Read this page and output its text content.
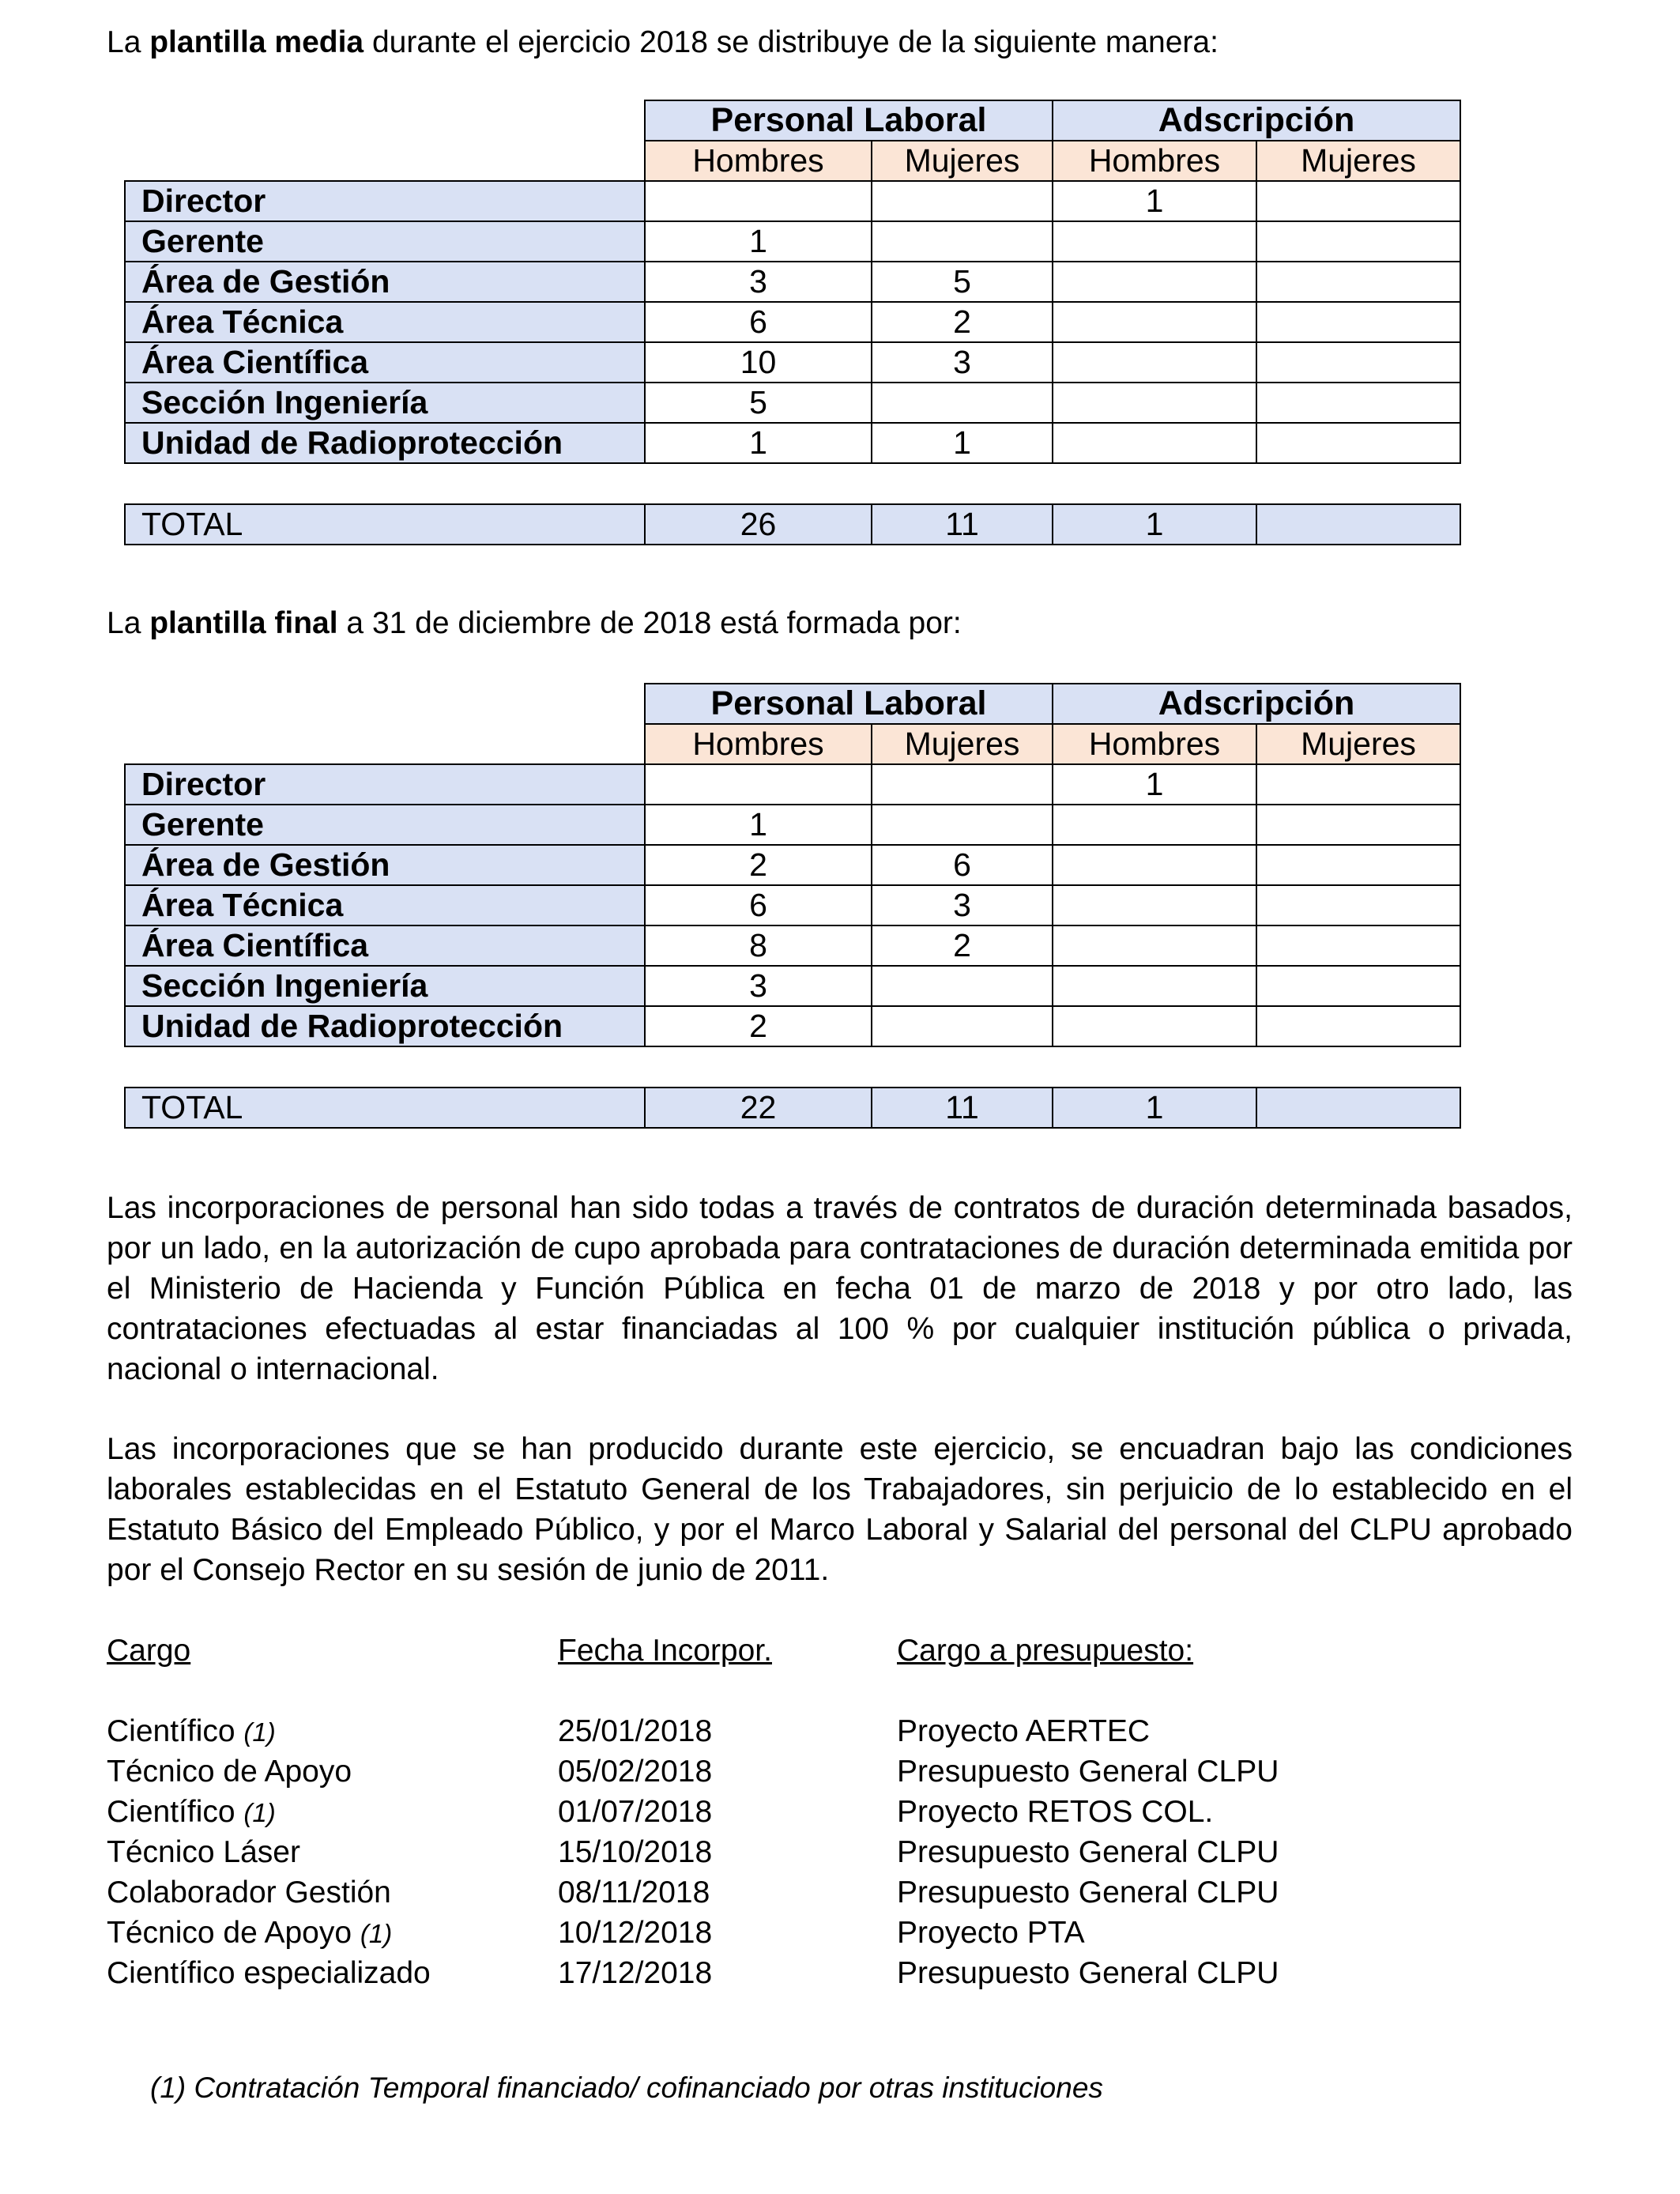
La plantilla media durante el ejercicio 2018 se distribuye de la siguiente manera:

	Personal Laboral		Adscripción	
	Hombres	Mujeres	Hombres	Mujeres
Director			1	
Gerente	1			
Área de Gestión	3	5		
Área Técnica	6	2		
Área Científica	10	3		
Sección Ingeniería	5			
Unidad de Radioprotección	1	1		

TOTAL	26	11	1	

La plantilla final a 31 de diciembre de 2018 está formada por:

	Personal Laboral		Adscripción	
	Hombres	Mujeres	Hombres	Mujeres
Director			1	
Gerente	1			
Área de Gestión	2	6		
Área Técnica	6	3		
Área Científica	8	2		
Sección Ingeniería	3			
Unidad de Radioprotección	2			

TOTAL	22	11	1	

Las incorporaciones de personal han sido todas a través de contratos de duración determinada basados, por un lado, en la autorización de cupo aprobada para contrataciones de duración determinada emitida por el Ministerio de Hacienda y Función Pública en fecha 01 de marzo de 2018 y por otro lado, las contrataciones efectuadas al estar financiadas al 100 % por cualquier institución pública o privada, nacional o internacional.

Las incorporaciones que se han producido durante este ejercicio, se encuadran bajo las condiciones laborales establecidas en el Estatuto General de los Trabajadores, sin perjuicio de lo establecido en el Estatuto Básico del Empleado Público, y por el Marco Laboral y Salarial del personal del CLPU aprobado por el Consejo Rector en su sesión de junio de 2011.

Cargo	Fecha Incorpor.	Cargo a presupuesto:
Científico (1)	25/01/2018	Proyecto AERTEC
Técnico de Apoyo	05/02/2018	Presupuesto General CLPU
Científico (1)	01/07/2018	Proyecto RETOS COL.
Técnico Láser	15/10/2018	Presupuesto General CLPU
Colaborador Gestión	08/11/2018	Presupuesto General CLPU
Técnico de Apoyo (1)	10/12/2018	Proyecto PTA
Científico especializado	17/12/2018	Presupuesto General CLPU
(1) Contratación Temporal financiado/ cofinanciado por otras instituciones
